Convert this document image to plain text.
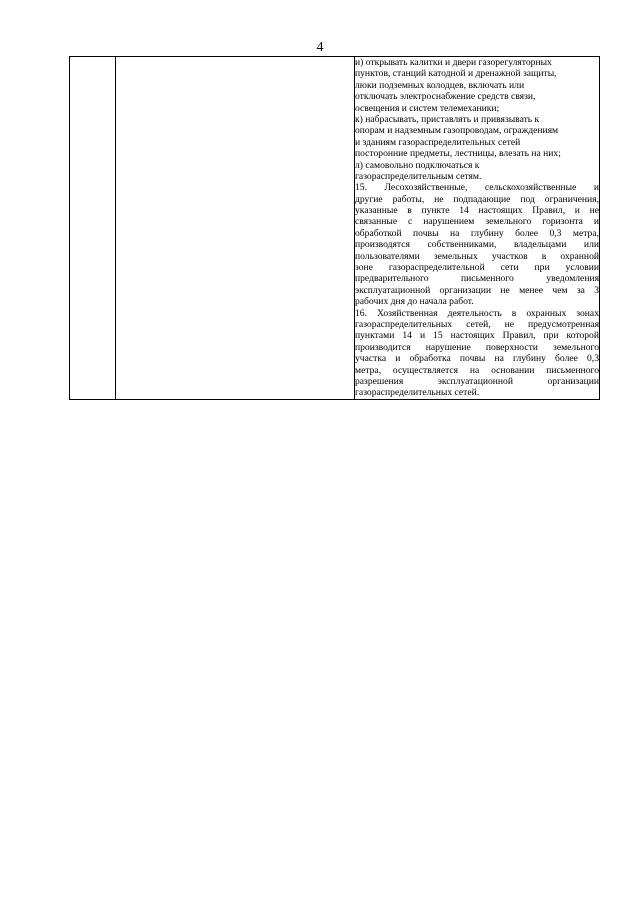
4

и) открывать калитки и двери газорегуляторных
пунктов, станций катодной и дренажной защиты,
люки подземных колодцев, включать или
отключать электроснабжение средств связи,
освещения и систем телемеханики;
к) набрасывать, приставлять и привязывать к
опорам и надземным газопроводам, ограждениям
и зданиям газораспределительных сетей
посторонние предметы, лестницы, влезать на них;
л) самовольно подключаться к
газораспределительным сетям.
15. Лесохозяйственные, сельскохозяйственные и
другие работы, не подпадающие под ограничения,
указанные в пункте 14 настоящих Правил, и не
связанные с нарушением земельного горизонта и
обработкой почвы на глубину более 0,3 метра,
производятся собственниками, владельцами или
пользователями земельных участков в охранной
зоне газораспределительной сети при условии
предварительного письменного уведомления
эксплуатационной организации не менее чем за 3
рабочих дня до начала работ.
16. Хозяйственная деятельность в охранных зонах
газораспределительных сетей, не предусмотренная
пунктами 14 и 15 настоящих Правил, при которой
производится нарушение поверхности земельного
участка и обработка почвы на глубину более 0,3
метра, осуществляется на основании письменного
разрешения эксплуатационной организации
газораспределительных сетей.
